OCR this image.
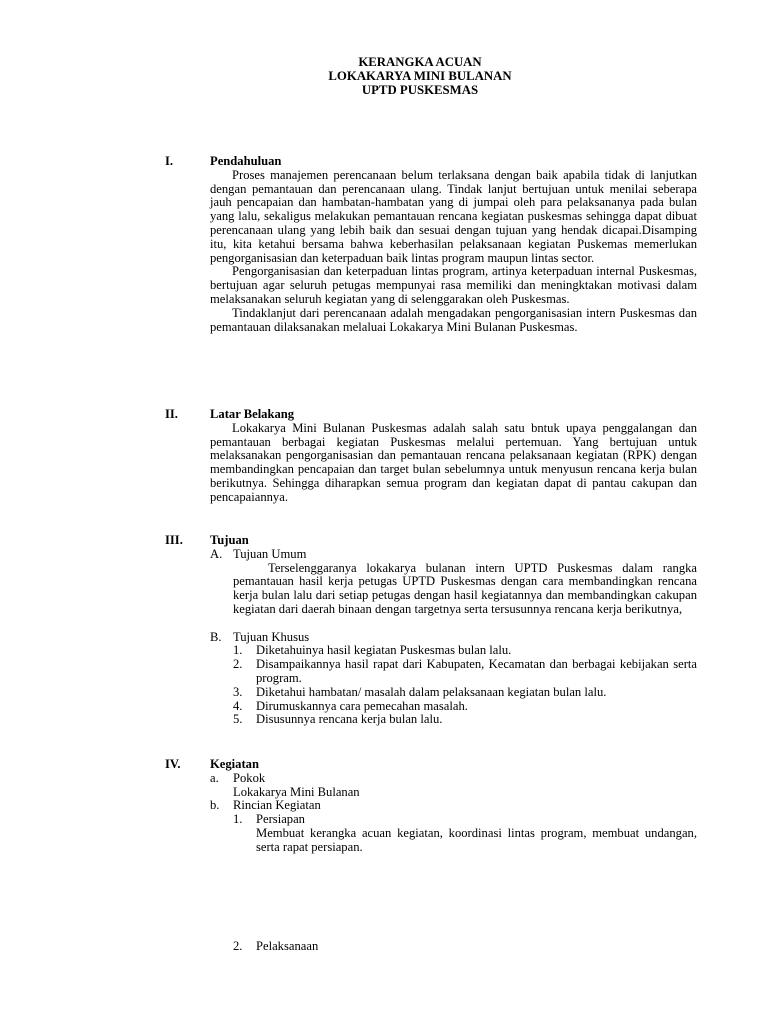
KERANGKA ACUAN
LOKAKARYA MINI BULANAN
UPTD PUSKESMAS
I.	Pendahuluan

Proses manajemen perencanaan belum terlaksana dengan baik apabila tidak di lanjutkan dengan pemantauan dan perencanaan ulang. Tindak lanjut bertujuan untuk menilai seberapa jauh pencapaian dan hambatan-hambatan yang di jumpai oleh para pelaksananya pada bulan yang lalu, sekaligus melakukan pemantauan rencana kegiatan puskesmas sehingga dapat dibuat perencanaan ulang yang lebih baik dan sesuai dengan tujuan yang hendak dicapai.Disamping itu, kita ketahui bersama bahwa keberhasilan pelaksanaan kegiatan Puskemas memerlukan pengorganisasian dan keterpaduan baik lintas program maupun lintas sector.

Pengorganisasian dan keterpaduan lintas program, artinya keterpaduan internal Puskesmas, bertujuan agar seluruh petugas mempunyai rasa memiliki dan meningktakan motivasi dalam melaksanakan seluruh kegiatan yang di selenggarakan oleh Puskesmas.

Tindaklanjut dari perencanaan adalah mengadakan pengorganisasian intern Puskesmas dan pemantauan dilaksanakan melaluai Lokakarya Mini Bulanan Puskesmas.

II.	Latar Belakang

Lokakarya Mini Bulanan Puskesmas adalah salah satu bntuk upaya penggalangan dan pemantauan berbagai kegiatan Puskesmas melalui pertemuan. Yang bertujuan untuk melaksanakan pengorganisasian dan pemantauan rencana pelaksanaan kegiatan (RPK) dengan membandingkan pencapaian dan target bulan sebelumnya untuk menyusun rencana kerja bulan berikutnya. Sehingga diharapkan semua program dan kegiatan dapat di pantau cakupan dan pencapaiannya.

III. Tujuan
A. Tujuan Umum
Terselenggaranya lokakarya bulanan intern UPTD Puskesmas dalam rangka pemantauan hasil kerja petugas UPTD Puskesmas dengan cara membandingkan rencana kerja bulan lalu dari setiap petugas dengan hasil kegiatannya dan membandingkan cakupan kegiatan dari daerah binaan dengan targetnya serta tersusunnya rencana kerja berikutnya,
B. Tujuan Khusus
1.	Diketahuinya hasil kegiatan Puskesmas bulan lalu.
2.	Disampaikannya hasil rapat dari Kabupaten, Kecamatan dan berbagai kebijakan serta program.
3.	Diketahui hambatan/ masalah dalam pelaksanaan kegiatan bulan lalu.
4.	Dirumuskannya cara pemecahan masalah.
5.	Disusunnya rencana kerja bulan lalu.
IV. Kegiatan
a.	Pokok
Lokakarya Mini Bulanan
b.	Rincian Kegiatan
1.	Persiapan
Membuat kerangka acuan kegiatan, koordinasi lintas program, membuat undangan, serta rapat persiapan.
2.	Pelaksanaan
